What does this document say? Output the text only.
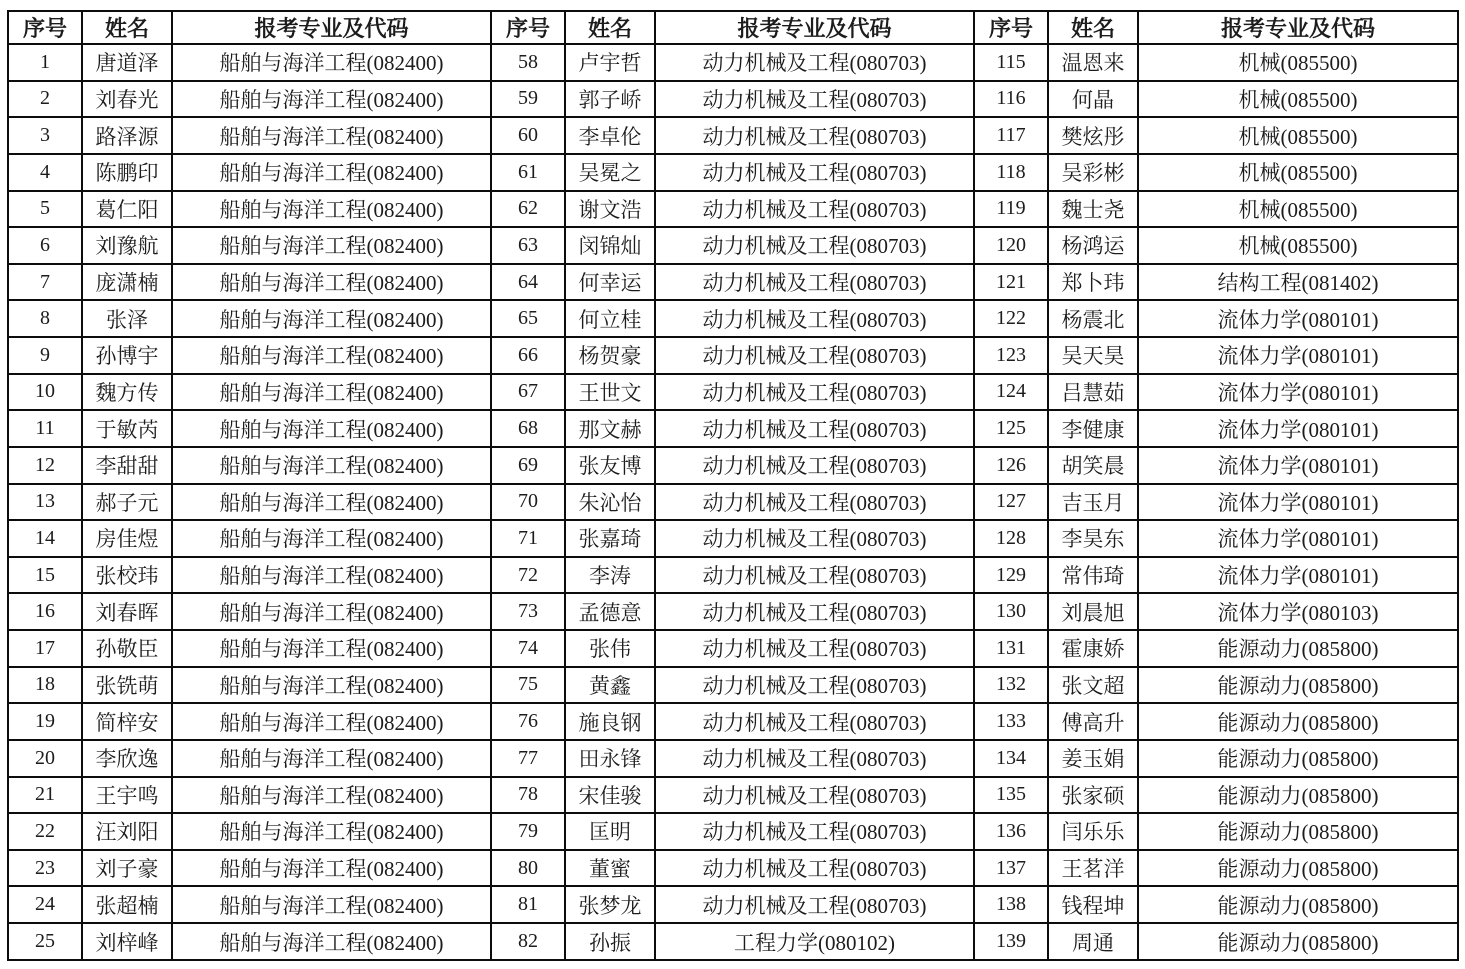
序号	姓名	报考专业及代码	序号	姓名	报考专业及代码	序号	姓名	报考专业及代码
1	唐道泽	船舶与海洋工程(082400)	58	卢宇哲	动力机械及工程(080703)	115	温恩来	机械(085500)
2	刘春光	船舶与海洋工程(082400)	59	郭子峤	动力机械及工程(080703)	116	何晶	机械(085500)
3	路泽源	船舶与海洋工程(082400)	60	李卓伦	动力机械及工程(080703)	117	樊炫彤	机械(085500)
4	陈鹏印	船舶与海洋工程(082400)	61	吴冕之	动力机械及工程(080703)	118	吴彩彬	机械(085500)
5	葛仁阳	船舶与海洋工程(082400)	62	谢文浩	动力机械及工程(080703)	119	魏士尧	机械(085500)
6	刘豫航	船舶与海洋工程(082400)	63	闵锦灿	动力机械及工程(080703)	120	杨鸿运	机械(085500)
7	庞潇楠	船舶与海洋工程(082400)	64	何幸运	动力机械及工程(080703)	121	郑卜玮	结构工程(081402)
8	张泽	船舶与海洋工程(082400)	65	何立桂	动力机械及工程(080703)	122	杨震北	流体力学(080101)
9	孙博宇	船舶与海洋工程(082400)	66	杨贺豪	动力机械及工程(080703)	123	吴天昊	流体力学(080101)
10	魏方传	船舶与海洋工程(082400)	67	王世文	动力机械及工程(080703)	124	吕慧茹	流体力学(080101)
11	于敏芮	船舶与海洋工程(082400)	68	那文赫	动力机械及工程(080703)	125	李健康	流体力学(080101)
12	李甜甜	船舶与海洋工程(082400)	69	张友博	动力机械及工程(080703)	126	胡笑晨	流体力学(080101)
13	郝子元	船舶与海洋工程(082400)	70	朱沁怡	动力机械及工程(080703)	127	吉玉月	流体力学(080101)
14	房佳煜	船舶与海洋工程(082400)	71	张嘉琦	动力机械及工程(080703)	128	李昊东	流体力学(080101)
15	张校玮	船舶与海洋工程(082400)	72	李涛	动力机械及工程(080703)	129	常伟琦	流体力学(080101)
16	刘春晖	船舶与海洋工程(082400)	73	孟德意	动力机械及工程(080703)	130	刘晨旭	流体力学(080103)
17	孙敬臣	船舶与海洋工程(082400)	74	张伟	动力机械及工程(080703)	131	霍康娇	能源动力(085800)
18	张铣萌	船舶与海洋工程(082400)	75	黄鑫	动力机械及工程(080703)	132	张文超	能源动力(085800)
19	简梓安	船舶与海洋工程(082400)	76	施良钢	动力机械及工程(080703)	133	傅高升	能源动力(085800)
20	李欣逸	船舶与海洋工程(082400)	77	田永锋	动力机械及工程(080703)	134	姜玉娟	能源动力(085800)
21	王宇鸣	船舶与海洋工程(082400)	78	宋佳骏	动力机械及工程(080703)	135	张家硕	能源动力(085800)
22	汪刘阳	船舶与海洋工程(082400)	79	匡明	动力机械及工程(080703)	136	闫乐乐	能源动力(085800)
23	刘子豪	船舶与海洋工程(082400)	80	董蜜	动力机械及工程(080703)	137	王茗洋	能源动力(085800)
24	张超楠	船舶与海洋工程(082400)	81	张梦龙	动力机械及工程(080703)	138	钱程坤	能源动力(085800)
25	刘梓峰	船舶与海洋工程(082400)	82	孙振	工程力学(080102)	139	周通	能源动力(085800)
